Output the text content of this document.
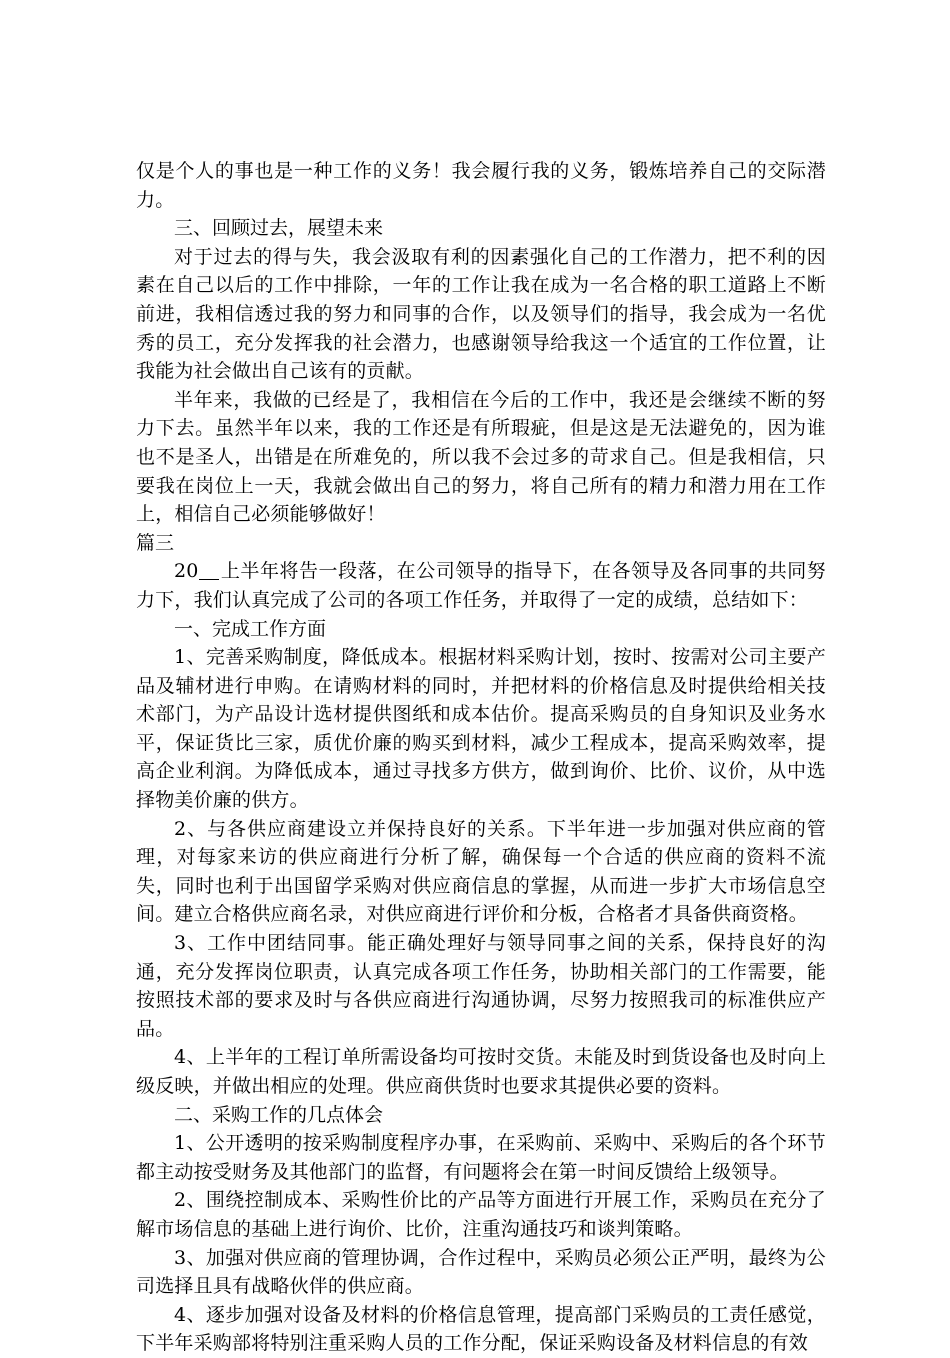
仅是个人的事也是一种工作的义务！我会履行我的义务，锻炼培养自己的交际潜力。

三、回顾过去，展望未来

对于过去的得与失，我会汲取有利的因素强化自己的工作潜力，把不利的因素在自己以后的工作中排除，一年的工作让我在成为一名合格的职工道路上不断前进，我相信透过我的努力和同事的合作，以及领导们的指导，我会成为一名优秀的员工，充分发挥我的社会潜力，也感谢领导给我这一个适宜的工作位置，让我能为社会做出自己该有的贡献。

半年来，我做的已经是了，我相信在今后的工作中，我还是会继续不断的努力下去。虽然半年以来，我的工作还是有所瑕疵，但是这是无法避免的，因为谁也不是圣人，出错是在所难免的，所以我不会过多的苛求自己。但是我相信，只要我在岗位上一天，我就会做出自己的努力，将自己所有的精力和潜力用在工作上，相信自己必须能够做好！

篇三

20 上半年将告一段落，在公司领导的指导下，在各领导及各同事的共同努力下，我们认真完成了公司的各项工作任务，并取得了一定的成绩，总结如下：

一、完成工作方面

1、完善采购制度，降低成本。根据材料采购计划，按时、按需对公司主要产品及辅材进行申购。在请购材料的同时，并把材料的价格信息及时提供给相关技术部门，为产品设计选材提供图纸和成本估价。提高采购员的自身知识及业务水平，保证货比三家，质优价廉的购买到材料，减少工程成本，提高采购效率，提高企业利润。为降低成本，通过寻找多方供方，做到询价、比价、议价，从中选择物美价廉的供方。

2、与各供应商建设立并保持良好的关系。下半年进一步加强对供应商的管理，对每家来访的供应商进行分析了解，确保每一个合适的供应商的资料不流失，同时也利于出国留学采购对供应商信息的掌握，从而进一步扩大市场信息空间。建立合格供应商名录，对供应商进行评价和分板，合格者才具备供商资格。

3、工作中团结同事。能正确处理好与领导同事之间的关系，保持良好的沟通，充分发挥岗位职责，认真完成各项工作任务，协助相关部门的工作需要，能按照技术部的要求及时与各供应商进行沟通协调，尽努力按照我司的标准供应产品。

4、上半年的工程订单所需设备均可按时交货。未能及时到货设备也及时向上级反映，并做出相应的处理。供应商供货时也要求其提供必要的资料。

二、采购工作的几点体会

1、公开透明的按采购制度程序办事，在采购前、采购中、采购后的各个环节都主动按受财务及其他部门的监督，有问题将会在第一时间反馈给上级领导。

2、围绕控制成本、采购性价比的产品等方面进行开展工作，采购员在充分了解市场信息的基础上进行询价、比价，注重沟通技巧和谈判策略。

3、加强对供应商的管理协调，合作过程中，采购员必须公正严明，最终为公司选择且具有战略伙伴的供应商。

4、逐步加强对设备及材料的价格信息管理，提高部门采购员的工责任感觉，下半年采购部将特别注重采购人员的工作分配，保证采购设备及材料信息的有效
